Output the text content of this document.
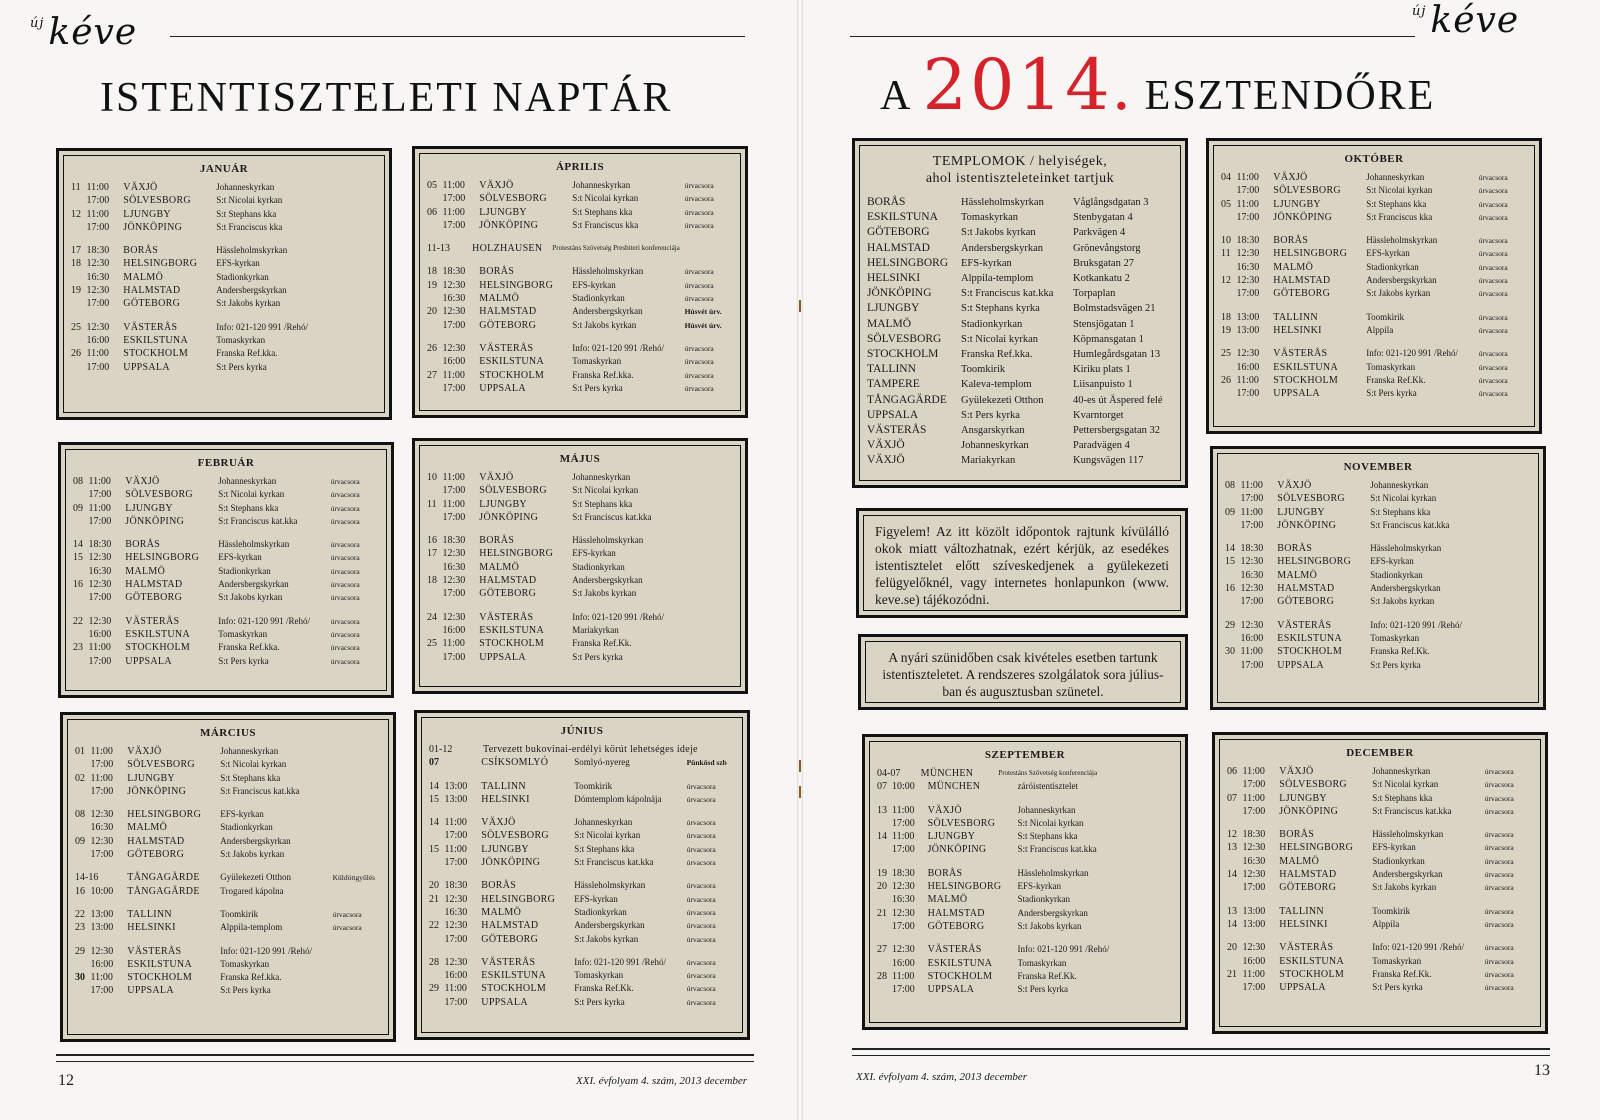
$^{új}$ kéve
ISTENTISZTELETI NAPTÁR
$^{új}$ kéve
A 2014. ESZTENDŐRE
JANUÁR
11 11:00	VÄXJÖ	Johanneskyrkan
17:00	SÖLVESBORG	S:t Nicolai kyrkan
12 11:00	LJUNGBY	S:t Stephans kka
17:00	JÖNKÖPING	S:t Franciscus kka
17 18:30	BORÅS	Hässleholmskyrkan
18 12:30	HELSINGBORG	EFS-kyrkan
16:30	MALMÖ	Stadionkyrkan
19 12:30	HALMSTAD	Andersbergskyrkan
17:00	GÖTEBORG	S:t Jakobs kyrkan
25 12:30	VÄSTERÅS	Info: 021-120 991 /Rehó/
16:00	ESKILSTUNA	Tomaskyrkan
26 11:00	STOCKHOLM	Franska Ref.kka.
17:00	UPPSALA	S:t Pers kyrka
ÁPRILIS
05 11:00	VÄXJÖ	Johanneskyrkan	úrvacsora
17:00	SÖLVESBORG	S:t Nicolai kyrkan	úrvacsora
06 11:00	LJUNGBY	S:t Stephans kka	úrvacsora
17:00	JÖNKÖPING	S:t Franciscus kka	úrvacsora
11-13	HOLZHAUSEN	Protestáns Szövetség Presbiteri konferenciája
18 18:30	BORÅS	Hässleholmskyrkan	úrvacsora
19 12:30	HELSINGBORG	EFS-kyrkan	úrvacsora
16:30	MALMÖ	Stadionkyrkan	úrvacsora
20 12:30	HALMSTAD	Andersbergskyrkan	Húsvét úrv.
17:00	GÖTEBORG	S:t Jakobs kyrkan	Húsvét úrv.
26 12:30	VÄSTERÅS	Info: 021-120 991 /Rehó/	úrvacsora
16:00	ESKILSTUNA	Tomaskyrkan	úrvacsora
27 11:00	STOCKHOLM	Franska Ref.kka.	úrvacsora
17:00	UPPSALA	S:t Pers kyrka	úrvacsora
FEBRUÁR
08 11:00	VÄXJÖ	Johanneskyrkan	úrvacsora
17:00	SÖLVESBORG	S:t Nicolai kyrkan	úrvacsora
09 11:00	LJUNGBY	S:t Stephans kka	úrvacsora
17:00	JÖNKÖPING	S:t Franciscus kat.kka	úrvacsora
14 18:30	BORÅS	Hässleholmskyrkan	úrvacsora
15 12:30	HELSINGBORG	EFS-kyrkan	úrvacsora
16:30	MALMÖ	Stadionkyrkan	úrvacsora
16 12:30	HALMSTAD	Andersbergskyrkan	úrvacsora
17:00	GÖTEBORG	S:t Jakobs kyrkan	úrvacsora
22 12:30	VÄSTERÅS	Info: 021-120 991 /Rehó/	úrvacsora
16:00	ESKILSTUNA	Tomaskyrkan	úrvacsora
23 11:00	STOCKHOLM	Franska Ref.kka.	úrvacsora
17:00	UPPSALA	S:t Pers kyrka	úrvacsora
MÁJUS
10 11:00	VÄXJÖ	Johanneskyrkan
17:00	SÖLVESBORG	S:t Nicolai kyrkan
11 11:00	LJUNGBY	S:t Stephans kka
17:00	JÖNKÖPING	S:t Franciscus kat.kka
16 18:30	BORÅS	Hässleholmskyrkan
17 12:30	HELSINGBORG	EFS-kyrkan
16:30	MALMÖ	Stadionkyrkan
18 12:30	HALMSTAD	Andersbergskyrkan
17:00	GÖTEBORG	S:t Jakobs kyrkan
24 12:30	VÄSTERÅS	Info: 021-120 991 /Rehó/
16:00	ESKILSTUNA	Mariakyrkan
25 11:00	STOCKHOLM	Franska Ref.Kk.
17:00	UPPSALA	S:t Pers kyrka
MÁRCIUS
01 11:00	VÄXJÖ	Johanneskyrkan
17:00	SÖLVESBORG	S:t Nicolai kyrkan
02 11:00	LJUNGBY	S:t Stephans kka
17:00	JÖNKÖPING	S:t Franciscus kat.kka
08 12:30	HELSINGBORG	EFS-kyrkan
16:30	MALMÖ	Stadionkyrkan
09 12:30	HALMSTAD	Andersbergskyrkan
17:00	GÖTEBORG	S:t Jakobs kyrkan
14-16	TÅNGAGÄRDE	Gyülekezeti Otthon	Küldöttgyűlés
16 10:00	TÅNGAGÄRDE	Trogared kápolna
22 13:00	TALLINN	Toomkirik	úrvacsora
23 13:00	HELSINKI	Alppila-templom	úrvacsora
29 12:30	VÄSTERÅS	Info: 021-120 991 /Rehó/
16:00	ESKILSTUNA	Tomaskyrkan
30 11:00	STOCKHOLM	Franska Ref.kka.
17:00	UPPSALA	S:t Pers kyrka
JÚNIUS
01-12	Tervezett bukovinai-erdélyi körút lehetséges ideje
07	CSÍKSOMLYÓ	Somlyó-nyereg	Pünkösd szb
14 13:00	TALLINN	Toomkirik	úrvacsora
15 13:00	HELSINKI	Dómtemplom kápolnája	úrvacsora
14 11:00	VÄXJÖ	Johanneskyrkan	úrvacsora
17:00	SÖLVESBORG	S:t Nicolai kyrkan	úrvacsora
15 11:00	LJUNGBY	S:t Stephans kka	úrvacsora
17:00	JÖNKÖPING	S:t Franciscus kat.kka	úrvacsora
20 18:30	BORÅS	Hässleholmskyrkan	úrvacsora
21 12:30	HELSINGBORG	EFS-kyrkan	úrvacsora
16:30	MALMÖ	Stadionkyrkan	úrvacsora
22 12:30	HALMSTAD	Andersbergskyrkan	úrvacsora
17:00	GÖTEBORG	S:t Jakobs kyrkan	úrvacsora
28 12:30	VÄSTERÅS	Info: 021-120 991 /Rehó/	úrvacsora
16:00	ESKILSTUNA	Tomaskyrkan	úrvacsora
29 11:00	STOCKHOLM	Franska Ref.Kk.	úrvacsora
17:00	UPPSALA	S:t Pers kyrka	úrvacsora
OKTÓBER
04 11:00	VÄXJÖ	Johanneskyrkan	úrvacsora
17:00	SÖLVESBORG	S:t Nicolai kyrkan	úrvacsora
05 11:00	LJUNGBY	S:t Stephans kka	úrvacsora
17:00	JÖNKÖPING	S:t Franciscus kka	úrvacsora
10 18:30	BORÅS	Hässleholmskyrkan	úrvacsora
11 12:30	HELSINGBORG	EFS-kyrkan	úrvacsora
16:30	MALMÖ	Stadionkyrkan	úrvacsora
12 12:30	HALMSTAD	Andersbergskyrkan	úrvacsora
17:00	GÖTEBORG	S:t Jakobs kyrkan	úrvacsora
18 13:00	TALLINN	Toomkirik	úrvacsora
19 13:00	HELSINKI	Alppila	úrvacsora
25 12:30	VÄSTERÅS	Info: 021-120 991 /Rehó/	úrvacsora
16:00	ESKILSTUNA	Tomaskyrkan	úrvacsora
26 11:00	STOCKHOLM	Franska Ref.Kk.	úrvacsora
17:00	UPPSALA	S:t Pers kyrka	úrvacsora
NOVEMBER
08 11:00	VÄXJÖ	Johanneskyrkan
17:00	SÖLVESBORG	S:t Nicolai kyrkan
09 11:00	LJUNGBY	S:t Stephans kka
17:00	JÖNKÖPING	S:t Franciscus kat.kka
14 18:30	BORÅS	Hässleholmskyrkan
15 12:30	HELSINGBORG	EFS-kyrkan
16:30	MALMÖ	Stadionkyrkan
16 12:30	HALMSTAD	Andersbergskyrkan
17:00	GÖTEBORG	S:t Jakobs kyrkan
29 12:30	VÄSTERÅS	Info: 021-120 991 /Rehó/
16:00	ESKILSTUNA	Tomaskyrkan
30 11:00	STOCKHOLM	Franska Ref.Kk.
17:00	UPPSALA	S:t Pers kyrka
SZEPTEMBER
04-07	MÜNCHEN	Protestáns Szövetség konferenciája
07 10:00	MÜNCHEN	záróistentisztelet
13 11:00	VÄXJÖ	Johanneskyrkan
17:00	SÖLVESBORG	S:t Nicolai kyrkan
14 11:00	LJUNGBY	S:t Stephans kka
17:00	JÖNKÖPING	S:t Franciscus kat.kka
19 18:30	BORÅS	Hässleholmskyrkan
20 12:30	HELSINGBORG	EFS-kyrkan
16:30	MALMÖ	Stadionkyrkan
21 12:30	HALMSTAD	Andersbergskyrkan
17:00	GÖTEBORG	S:t Jakobs kyrkan
27 12:30	VÄSTERÅS	Info: 021-120 991 /Rehó/
16:00	ESKILSTUNA	Tomaskyrkan
28 11:00	STOCKHOLM	Franska Ref.Kk.
17:00	UPPSALA	S:t Pers kyrka
DECEMBER
06 11:00	VÄXJÖ	Johanneskyrkan	úrvacsora
17:00	SÖLVESBORG	S:t Nicolai kyrkan	úrvacsora
07 11:00	LJUNGBY	S:t Stephans kka	úrvacsora
17:00	JÖNKÖPING	S:t Franciscus kat.kka	úrvacsora
12 18:30	BORÅS	Hässleholmskyrkan	úrvacsora
13 12:30	HELSINGBORG	EFS-kyrkan	úrvacsora
16:30	MALMÖ	Stadionkyrkan	úrvacsora
14 12:30	HALMSTAD	Andersbergskyrkan	úrvacsora
17:00	GÖTEBORG	S:t Jakobs kyrkan	úrvacsora
13 13:00	TALLINN	Toomkirik	úrvacsora
14 13:00	HELSINKI	Alppila	úrvacsora
20 12:30	VÄSTERÅS	Info: 021-120 991 /Rehó/	úrvacsora
16:00	ESKILSTUNA	Tomaskyrkan	úrvacsora
21 11:00	STOCKHOLM	Franska Ref.Kk.	úrvacsora
17:00	UPPSALA	S:t Pers kyrka	úrvacsora
TEMPLOMOK / helyiségek,
ahol istentiszteleteinket tartjuk
BORÅS	Hässleholmskyrkan	Våglångsdgatan 3
ESKILSTUNA	Tomaskyrkan	Stenbygatan 4
GÖTEBORG	S:t Jakobs kyrkan	Parkvägen 4
HALMSTAD	Andersbergskyrkan	Grönevångstorg
HELSINGBORG	EFS-kyrkan	Bruksgatan 27
HELSINKI	Alppila-templom	Kotkankatu 2
JÖNKÖPING	S:t Franciscus kat.kka	Torpaplan
LJUNGBY	S:t Stephans kyrka	Bolmstadsvägen 21
MALMÖ	Stadionkyrkan	Stensjögatan 1
SÖLVESBORG	S:t Nicolai kyrkan	Köpmansgatan 1
STOCKHOLM	Franska Ref.kka.	Humlegårdsgatan 13
TALLINN	Toomkirik	Kiriku plats 1
TAMPERE	Kaleva-templom	Liisanpuisto 1
TÅNGAGÄRDE	Gyülekezeti Otthon	40-es út Äspered felé
UPPSALA	S:t Pers kyrka	Kvarntorget
VÄSTERÅS	Ansgarskyrkan	Pettersbergsgatan 32
VÄXJÖ	Johanneskyrkan	Paradvägen 4
VÄXJÖ	Mariakyrkan	Kungsvägen 117
Figyelem! Az itt közölt időpontok rajtunk kívülálló okok miatt változhatnak, ezért kérjük, az esedékes istentisztelet előtt szíveskedjenek a gyülekezeti felügyelőknél, vagy internetes honlapunkon (www. keve.se) tájékozódni.
A nyári szünidőben csak kivételes esetben tartunk istentiszteletet. A rendszeres szolgálatok sora július-ban és augusztusban szünetel.
12	XXI. évfolyam 4. szám, 2013 december	XXI. évfolyam 4. szám, 2013 december	13
